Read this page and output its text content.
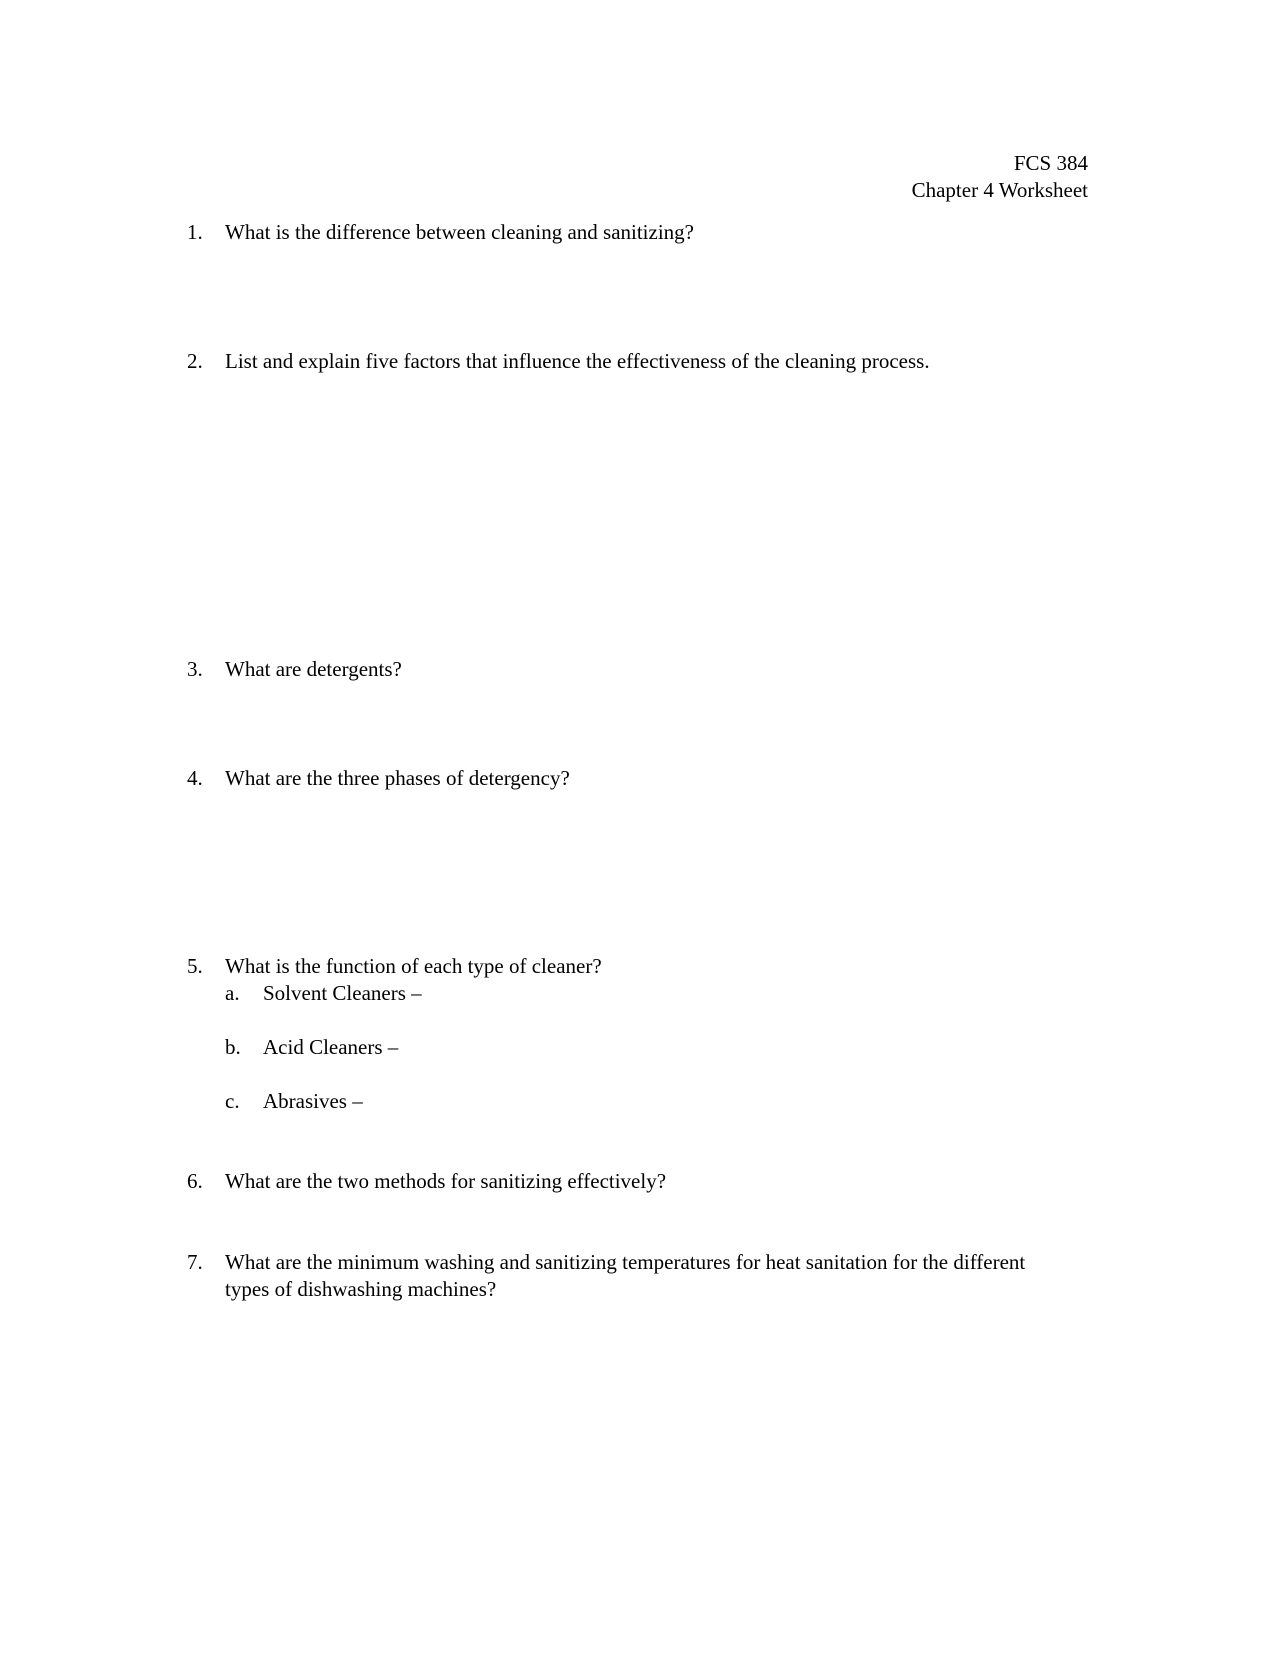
FCS 384
Chapter 4 Worksheet
1.	What is the difference between cleaning and sanitizing?
2.	List and explain five factors that influence the effectiveness of the cleaning process.
3.	What are detergents?
4.	What are the three phases of detergency?
5.	What is the function of each type of cleaner?
a.	Solvent Cleaners –
b.	Acid Cleaners –
c.	Abrasives –
6.	What are the two methods for sanitizing effectively?
7.	What are the minimum washing and sanitizing temperatures for heat sanitation for the different types of dishwashing machines?
